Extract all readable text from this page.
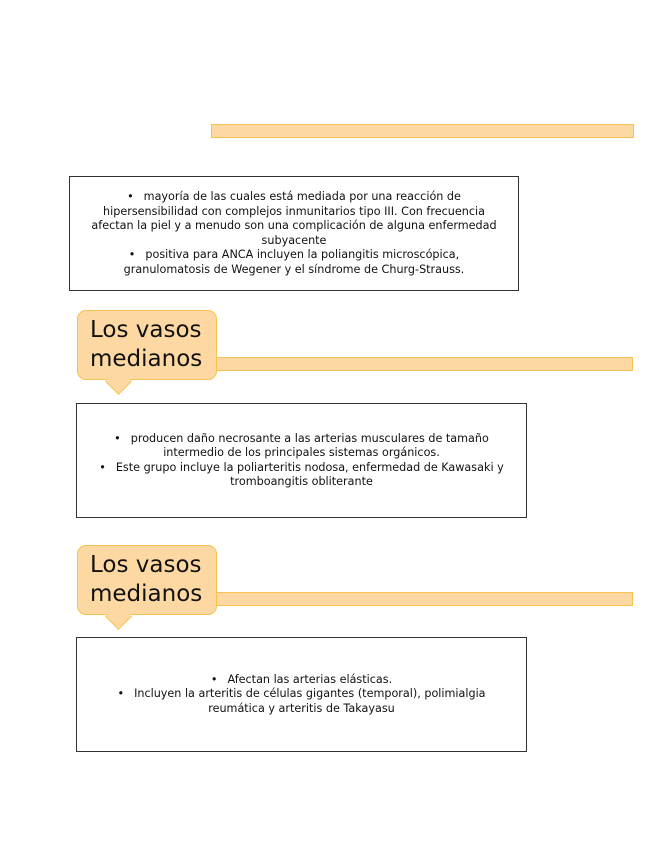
• mayoría de las cuales está mediada por una reacción de hipersensibilidad con complejos inmunitarios tipo III. Con frecuencia afectan la piel y a menudo son una complicación de alguna enfermedad subyacente
• positiva para ANCA incluyen la poliangitis microscópica, granulomatosis de Wegener y el síndrome de Churg-Strauss.
Los vasos
medianos
• producen daño necrosante a las arterias musculares de tamaño intermedio de los principales sistemas orgánicos.
• Este grupo incluye la poliarteritis nodosa, enfermedad de Kawasaki y tromboangitis obliterante
Los vasos
medianos
• Afectan las arterias elásticas.
• Incluyen la arteritis de células gigantes (temporal), polimialgia reumática y arteritis de Takayasu
